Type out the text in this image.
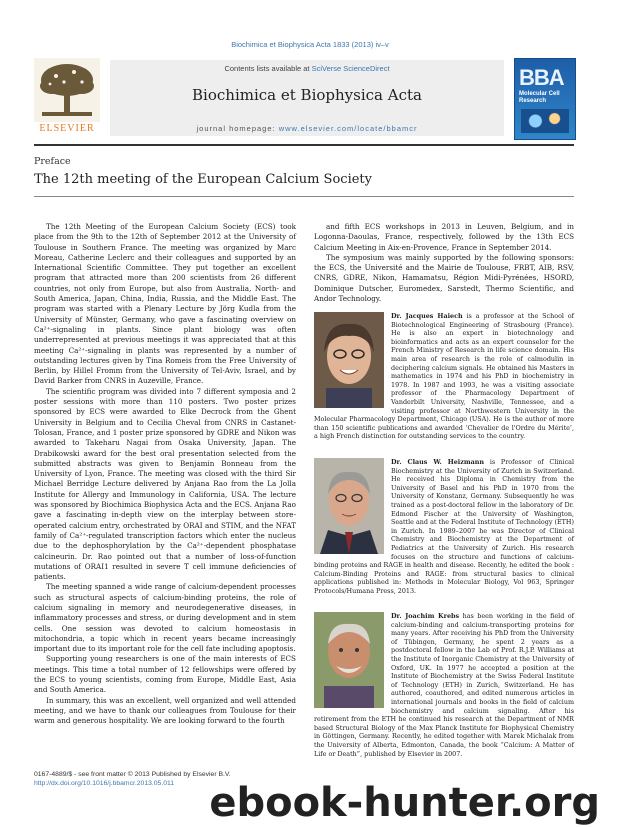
Biochimica et Biophysica Acta 1833 (2013) iv–v
ELSEVIER
Contents lists available at SciVerse ScienceDirect
Biochimica et Biophysica Acta
journal homepage: www.elsevier.com/locate/bbamcr
BBA
Molecular Cell Research
Preface
The 12th meeting of the European Calcium Society

The 12th Meeting of the European Calcium Society (ECS) took place from the 9th to the 12th of September 2012 at the University of Toulouse in Southern France. The meeting was organized by Marc Moreau, Catherine Leclerc and their colleagues and supported by an International Scientific Committee. They put together an excellent program that attracted more than 200 scientists from 26 different countries, not only from Europe, but also from Australia, North- and South America, Japan, China, India, Russia, and the Middle East. The program was started with a Plenary Lecture by Jörg Kudla from the University of Münster, Germany, who gave a fascinating overview on Ca²⁺-signaling in plants. Since plant biology was often underrepresented at previous meetings it was appreciated that at this meeting Ca²⁺-signaling in plants was represented by a number of outstanding lectures given by Tina Romeis from the Free University of Berlin, by Hillel Fromm from the University of Tel-Aviv, Israel, and by David Barker from CNRS in Auzeville, France.

The scientific program was divided into 7 different symposia and 2 poster sessions with more than 110 posters. Two poster prizes sponsored by ECS were awarded to Elke Decrock from the Ghent University in Belgium and to Cecilia Cheval from CNRS in Castanet-Tolosan, France, and 1 poster prize sponsored by GDRE and Nikon was awarded to Takeharu Nagai from Osaka University, Japan. The Drabikowski award for the best oral presentation selected from the submitted abstracts was given to Benjamin Bonneau from the University of Lyon, France. The meeting was closed with the third Sir Michael Berridge Lecture delivered by Anjana Rao from the La Jolla Institute for Allergy and Immunology in California, USA. The lecture was sponsored by Biochimica Biophysica Acta and the ECS. Anjana Rao gave a fascinating in-depth view on the interplay between store-operated calcium entry, orchestrated by ORAI and STIM, and the NFAT family of Ca²⁺-regulated transcription factors which enter the nucleus due to the dephosphorylation by the Ca²⁺-dependent phosphatase calcineurin. Dr. Rao pointed out that a number of loss-of-function mutations of ORAI1 resulted in severe T cell immune deficiencies of patients.

The meeting spanned a wide range of calcium-dependent processes such as structural aspects of calcium-binding proteins, the role of calcium signaling in memory and neurodegenerative diseases, in inflammatory processes and stress, or during development and in stem cells. One session was devoted to calcium homeostasis in mitochondria, a topic which in recent years became increasingly important due to its important role for the cell fate including apoptosis.

Supporting young researchers is one of the main interests of ECS meetings. This time a total number of 12 fellowships were offered by the ECS to young scientists, coming from Europe, Middle East, Asia and South America.

In summary, this was an excellent, well organized and well attended meeting, and we have to thank our colleagues from Toulouse for their warm and generous hospitality. We are looking forward to the fourth

and fifth ECS workshops in 2013 in Leuven, Belgium, and in Logonna-Daoulas, France, respectively, followed by the 13th ECS Calcium Meeting in Aix-en-Provence, France in September 2014.

The symposium was mainly supported by the following sponsors: the ECS, the Université and the Mairie de Toulouse, FRBT, AIB, RSV, CNRS, GDRE, Nikon, Hamamatsu, Région Midi-Pyrénées, HSORD, Dominique Dutscher, Euromedex, Sarstedt, Thermo Scientific, and Andor Technology.

Dr. Jacques Haiech is a professor at the School of Biotechnological Engineering of Strasbourg (France). He is also an expert in biotechnology and bioinformatics and acts as an expert counselor for the French Ministry of Research in life science domain. His main area of research is the role of calmodulin in deciphering calcium signals. He obtained his Masters in mathematics in 1974 and his PhD in biochemistry in 1978. In 1987 and 1993, he was a visiting associate professor of the Pharmacology Department of Vanderbilt University, Nashville, Tennessee, and a visiting professor at Northwestern University in the Molecular Pharmacology Department, Chicago (USA). He is the author of more than 150 scientific publications and awarded ‘Chevalier de l'Ordre du Mérite’, a high French distinction for outstanding services to the country.
Dr. Claus W. Heizmann is Professor of Clinical Biochemistry at the University of Zurich in Switzerland. He received his Diploma in Chemistry from the University of Basel and his PhD in 1970 from the University of Konstanz, Germany. Subsequently he was trained as a post-doctoral fellow in the laboratory of Dr. Edmond Fischer at the University of Washington, Seattle and at the Federal Institute of Technology (ETH) in Zurich. In 1989–2007 he was Director of Clinical Chemistry and Biochemistry at the Department of Pediatrics at the University of Zurich. His research focuses on the structure and functions of calcium-binding proteins and RAGE in health and disease. Recently, he edited the book : Calcium-Binding Proteins and RAGE: from structural basics to clinical applications published in: Methods in Molecular Biology, Vol 963, Springer Protocols/Humana Press, 2013.
Dr. Joachim Krebs has been working in the field of calcium-binding and calcium-transporting proteins for many years. After receiving his PhD from the University of Tübingen, Germany, he spent 2 years as a postdoctoral fellow in the Lab of Prof. R.J.P. Williams at the Institute of Inorganic Chemistry at the University of Oxford, UK. In 1977 he accepted a position at the Institute of Biochemistry at the Swiss Federal Institute of Technology (ETH) in Zurich, Switzerland. He has authored, coauthored, and edited numerous articles in international journals and books in the field of calcium biochemistry and calcium signaling. After his retirement from the ETH he continued his research at the Department of NMR based Structural Biology of the Max Planck Institute for Biophysical Chemistry in Göttingen, Germany. Recently, he edited together with Marek Michalak from the University of Alberta, Edmonton, Canada, the book “Calcium: A Matter of Life or Death”, published by Elsevier in 2007.
0167-4889/$ - see front matter © 2013 Published by Elsevier B.V.
http://dx.doi.org/10.1016/j.bbamcr.2013.05.011 ebook-hunter.org
